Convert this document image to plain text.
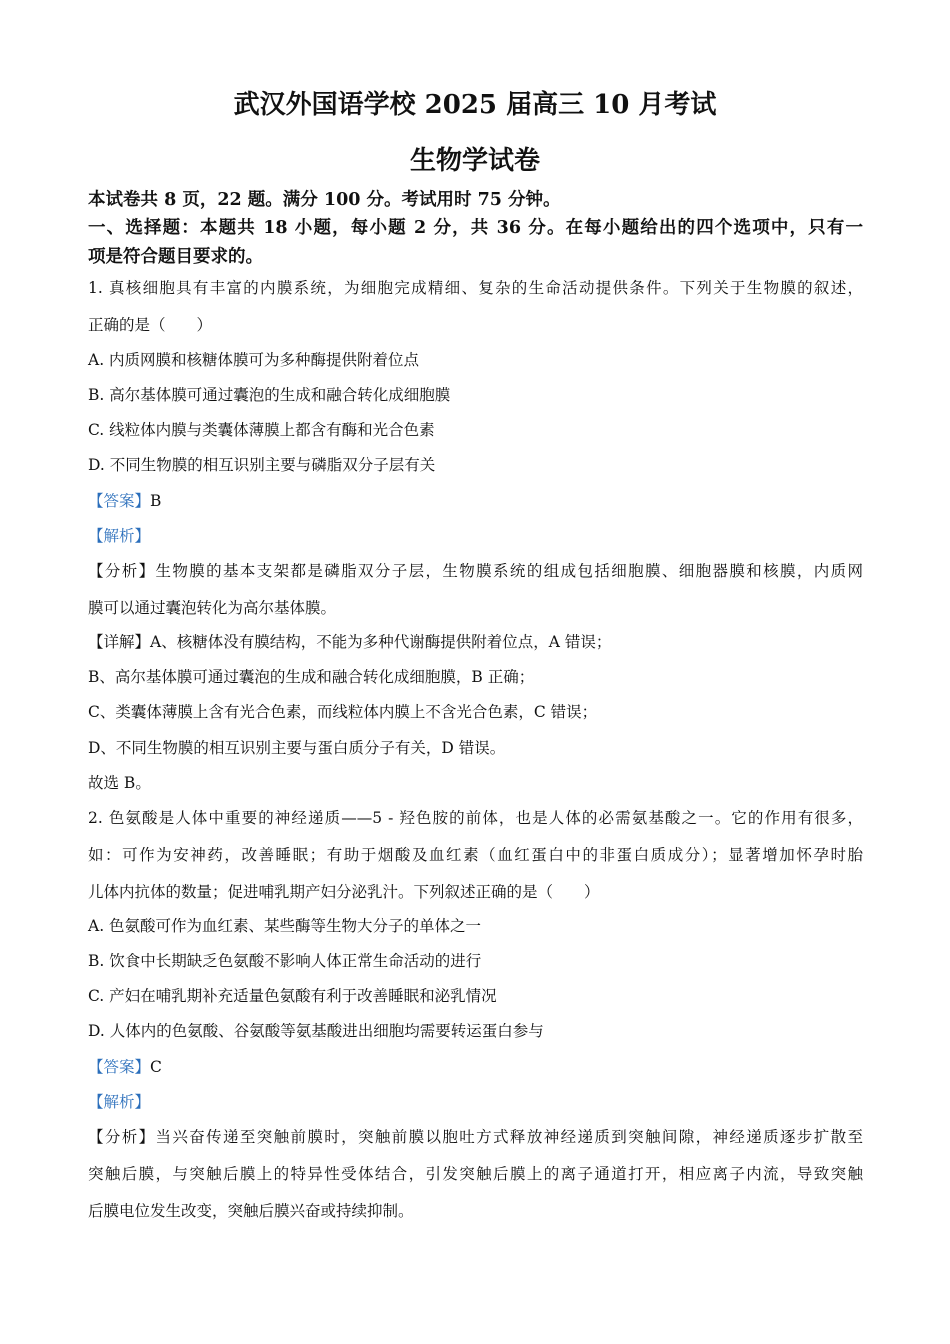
武汉外国语学校 2025 届高三 10 月考试
生物学试卷
本试卷共 8 页，22 题。满分 100 分。考试用时 75 分钟。
一、选择题：本题共 18 小题，每小题 2 分，共 36 分。在每小题给出的四个选项中，只有一
项是符合题目要求的。
1. 真核细胞具有丰富的内膜系统，为细胞完成精细、复杂的生命活动提供条件。下列关于生物膜的叙述，
正确的是（　　）
A. 内质网膜和核糖体膜可为多种酶提供附着位点
B. 高尔基体膜可通过囊泡的生成和融合转化成细胞膜
C. 线粒体内膜与类囊体薄膜上都含有酶和光合色素
D. 不同生物膜的相互识别主要与磷脂双分子层有关
【答案】B
【解析】
【分析】生物膜的基本支架都是磷脂双分子层，生物膜系统的组成包括细胞膜、细胞器膜和核膜，内质网
膜可以通过囊泡转化为高尔基体膜。
【详解】A、核糖体没有膜结构，不能为多种代谢酶提供附着位点，A 错误；
B、高尔基体膜可通过囊泡的生成和融合转化成细胞膜，B 正确；
C、类囊体薄膜上含有光合色素，而线粒体内膜上不含光合色素，C 错误；
D、不同生物膜的相互识别主要与蛋白质分子有关，D 错误。
故选 B。
2. 色氨酸是人体中重要的神经递质——5 - 羟色胺的前体，也是人体的必需氨基酸之一。它的作用有很多，
如：可作为安神药，改善睡眠；有助于烟酸及血红素（血红蛋白中的非蛋白质成分）；显著增加怀孕时胎
儿体内抗体的数量；促进哺乳期产妇分泌乳汁。下列叙述正确的是（　　）
A. 色氨酸可作为血红素、某些酶等生物大分子的单体之一
B. 饮食中长期缺乏色氨酸不影响人体正常生命活动的进行
C. 产妇在哺乳期补充适量色氨酸有利于改善睡眠和泌乳情况
D. 人体内的色氨酸、谷氨酸等氨基酸进出细胞均需要转运蛋白参与
【答案】C
【解析】
【分析】当兴奋传递至突触前膜时，突触前膜以胞吐方式释放神经递质到突触间隙，神经递质逐步扩散至
突触后膜，与突触后膜上的特异性受体结合，引发突触后膜上的离子通道打开，相应离子内流，导致突触
后膜电位发生改变，突触后膜兴奋或持续抑制。
